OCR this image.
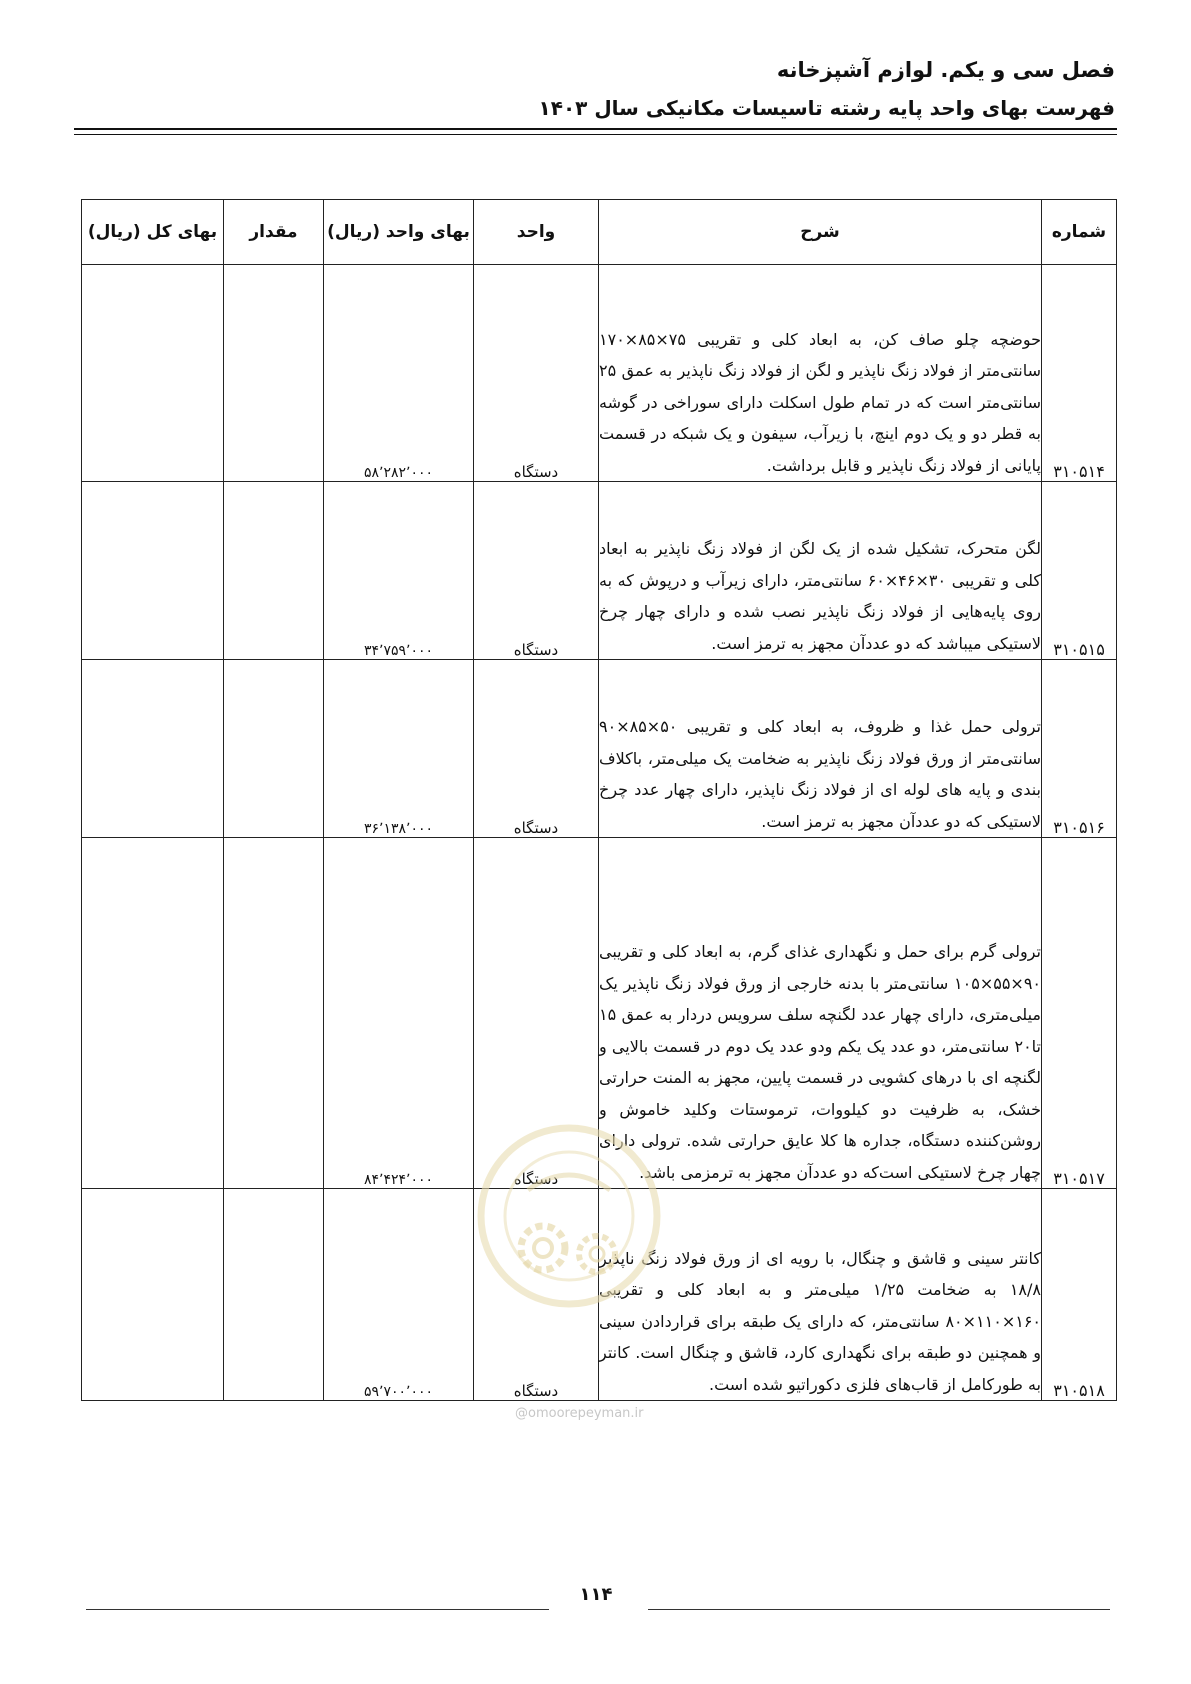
فصل سی و یکم. لوازم آشپزخانه
فهرست بهای واحد پایه رشته تاسیسات مکانیکی سال ۱۴۰۳
شماره	شرح	واحد	بهای واحد (ریال)	مقدار	بهای کل (ریال)
۳۱۰۵۱۴	حوضچه چلو صاف کن، به ابعاد کلی و تقریبی ۷۵×۸۵×۱۷۰ سانتی‌متر از فولاد زنگ ناپذیر و لگن از فولاد زنگ ناپذیر به عمق ۲۵ سانتی‌متر است که در تمام طول اسکلت دارای سوراخی در گوشه به قطر دو و یک دوم اینچ، با زیرآب، سیفون و یک شبکه در قسمت پایانی از فولاد زنگ ناپذیر و قابل برداشت.	دستگاه	۵۸٬۲۸۲٬۰۰۰		
۳۱۰۵۱۵	لگن متحرک، تشکیل شده از یک لگن از فولاد زنگ ناپذیر به ابعاد کلی و تقریبی ۳۰×۴۶×۶۰ سانتی‌متر، دارای زیرآب و درپوش که به روی پایه‌هایی از فولاد زنگ ناپذیر نصب شده و دارای چهار چرخ لاستیکی میباشد که دو عددآن مجهز به ترمز است.	دستگاه	۳۴٬۷۵۹٬۰۰۰		
۳۱۰۵۱۶	ترولی حمل غذا و ظروف، به ابعاد کلی و تقریبی ۵۰×۸۵×۹۰ سانتی‌متر از ورق فولاد زنگ ناپذیر به ضخامت یک میلی‌متر، باکلاف بندی و پایه های لوله ای از فولاد زنگ ناپذیر، دارای چهار عدد چرخ لاستیکی که دو عددآن مجهز به ترمز است.	دستگاه	۳۶٬۱۳۸٬۰۰۰		
۳۱۰۵۱۷	ترولی گرم برای حمل و نگهداری غذای گرم، به ابعاد کلی و تقریبی ۹۰×۵۵×۱۰۵ سانتی‌متر با بدنه خارجی از ورق فولاد زنگ ناپذیر یک میلی‌متری، دارای چهار عدد لگنچه سلف سرویس دردار به عمق ۱۵ تا۲۰ سانتی‌متر، دو عدد یک یکم ودو عدد یک دوم در قسمت بالایی و لگنچه ای با درهای کشویی در قسمت پایین، مجهز به المنت حرارتی خشک، به ظرفیت دو کیلووات، ترموستات وکلید خاموش و روشن‌کننده دستگاه، جداره ها کلا عایق حرارتی شده. ترولی دارای چهار چرخ لاستیکی است‌که دو عددآن مجهز به ترمزمی باشد.	دستگاه	۸۴٬۴۲۴٬۰۰۰		
۳۱۰۵۱۸	کانتر سینی و قاشق و چنگال، با رویه ای از ورق فولاد زنگ ناپذیر ۱۸/۸ به ضخامت ۱/۲۵ میلی‌متر و به ابعاد کلی و تقریبی ۱۶۰×۱۱۰×۸۰ سانتی‌متر، که دارای یک طبقه برای قراردادن سینی و همچنین دو طبقه برای نگهداری کارد، قاشق و چنگال است. کانتر به طورکامل از قاب‌های فلزی دکوراتیو شده است.	دستگاه	۵۹٬۷۰۰٬۰۰۰		
@omoorepeyman.ir
۱۱۴
